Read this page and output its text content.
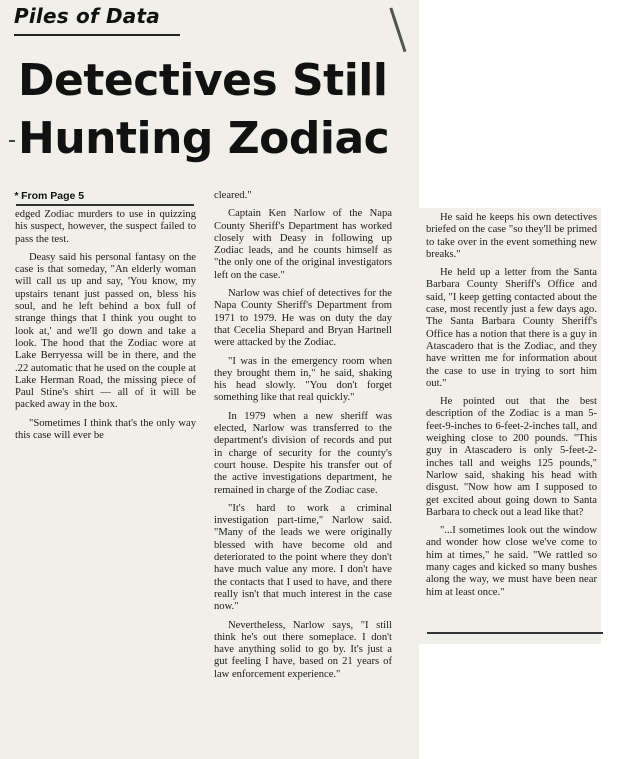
Piles of Data
Detectives Still
Hunting Zodiac
* From Page 5

edged Zodiac murders to use in quizzing his suspect, however, the suspect failed to pass the test.

Deasy said his personal fantasy on the case is that someday, "An elderly woman will call us up and say, 'You know, my upstairs tenant just passed on, bless his soul, and he left behind a box full of strange things that I think you ought to look at,' and we'll go down and take a look. The hood that the Zodiac wore at Lake Berryessa will be in there, and the .22 automatic that he used on the couple at Lake Herman Road, the missing piece of Paul Stine's shirt — all of it will be packed away in the box.

"Sometimes I think that's the only way this case will ever be

cleared."

Captain Ken Narlow of the Napa County Sheriff's Department has worked closely with Deasy in following up Zodiac leads, and he counts himself as "the only one of the original investigators left on the case."

Narlow was chief of detectives for the Napa County Sheriff's Department from 1971 to 1979. He was on duty the day that Cecelia Shepard and Bryan Hartnell were attacked by the Zodiac.

"I was in the emergency room when they brought them in," he said, shaking his head slowly. "You don't forget something like that real quickly."

In 1979 when a new sheriff was elected, Narlow was transferred to the department's division of records and put in charge of security for the county's court house. Despite his transfer out of the active investigations department, he remained in charge of the Zodiac case.

"It's hard to work a criminal investigation part-time," Narlow said. "Many of the leads we were originally blessed with have become old and deteriorated to the point where they don't have much value any more. I don't have the contacts that I used to have, and there really isn't that much interest in the case now."

Nevertheless, Narlow says, "I still think he's out there someplace. I don't have anything solid to go by. It's just a gut feeling I have, based on 21 years of law enforcement experience."

He said he keeps his own detectives briefed on the case "so they'll be primed to take over in the event something new breaks."

He held up a letter from the Santa Barbara County Sheriff's Office and said, "I keep getting contacted about the case, most recently just a few days ago. The Santa Barbara County Sheriff's Office has a notion that there is a guy in Atascadero that is the Zodiac, and they have written me for information about the case to use in trying to sort him out."

He pointed out that the best description of the Zodiac is a man 5-feet-9-inches to 6-feet-2-inches tall, and weighing close to 200 pounds. "This guy in Atascadero is only 5-feet-2-inches tall and weighs 125 pounds," Narlow said, shaking his head with disgust. "Now how am I supposed to get excited about going down to Santa Barbara to check out a lead like that?

"...I sometimes look out the window and wonder how close we've come to him at times," he said. "We rattled so many cages and kicked so many bushes along the way, we must have been near him at least once."
